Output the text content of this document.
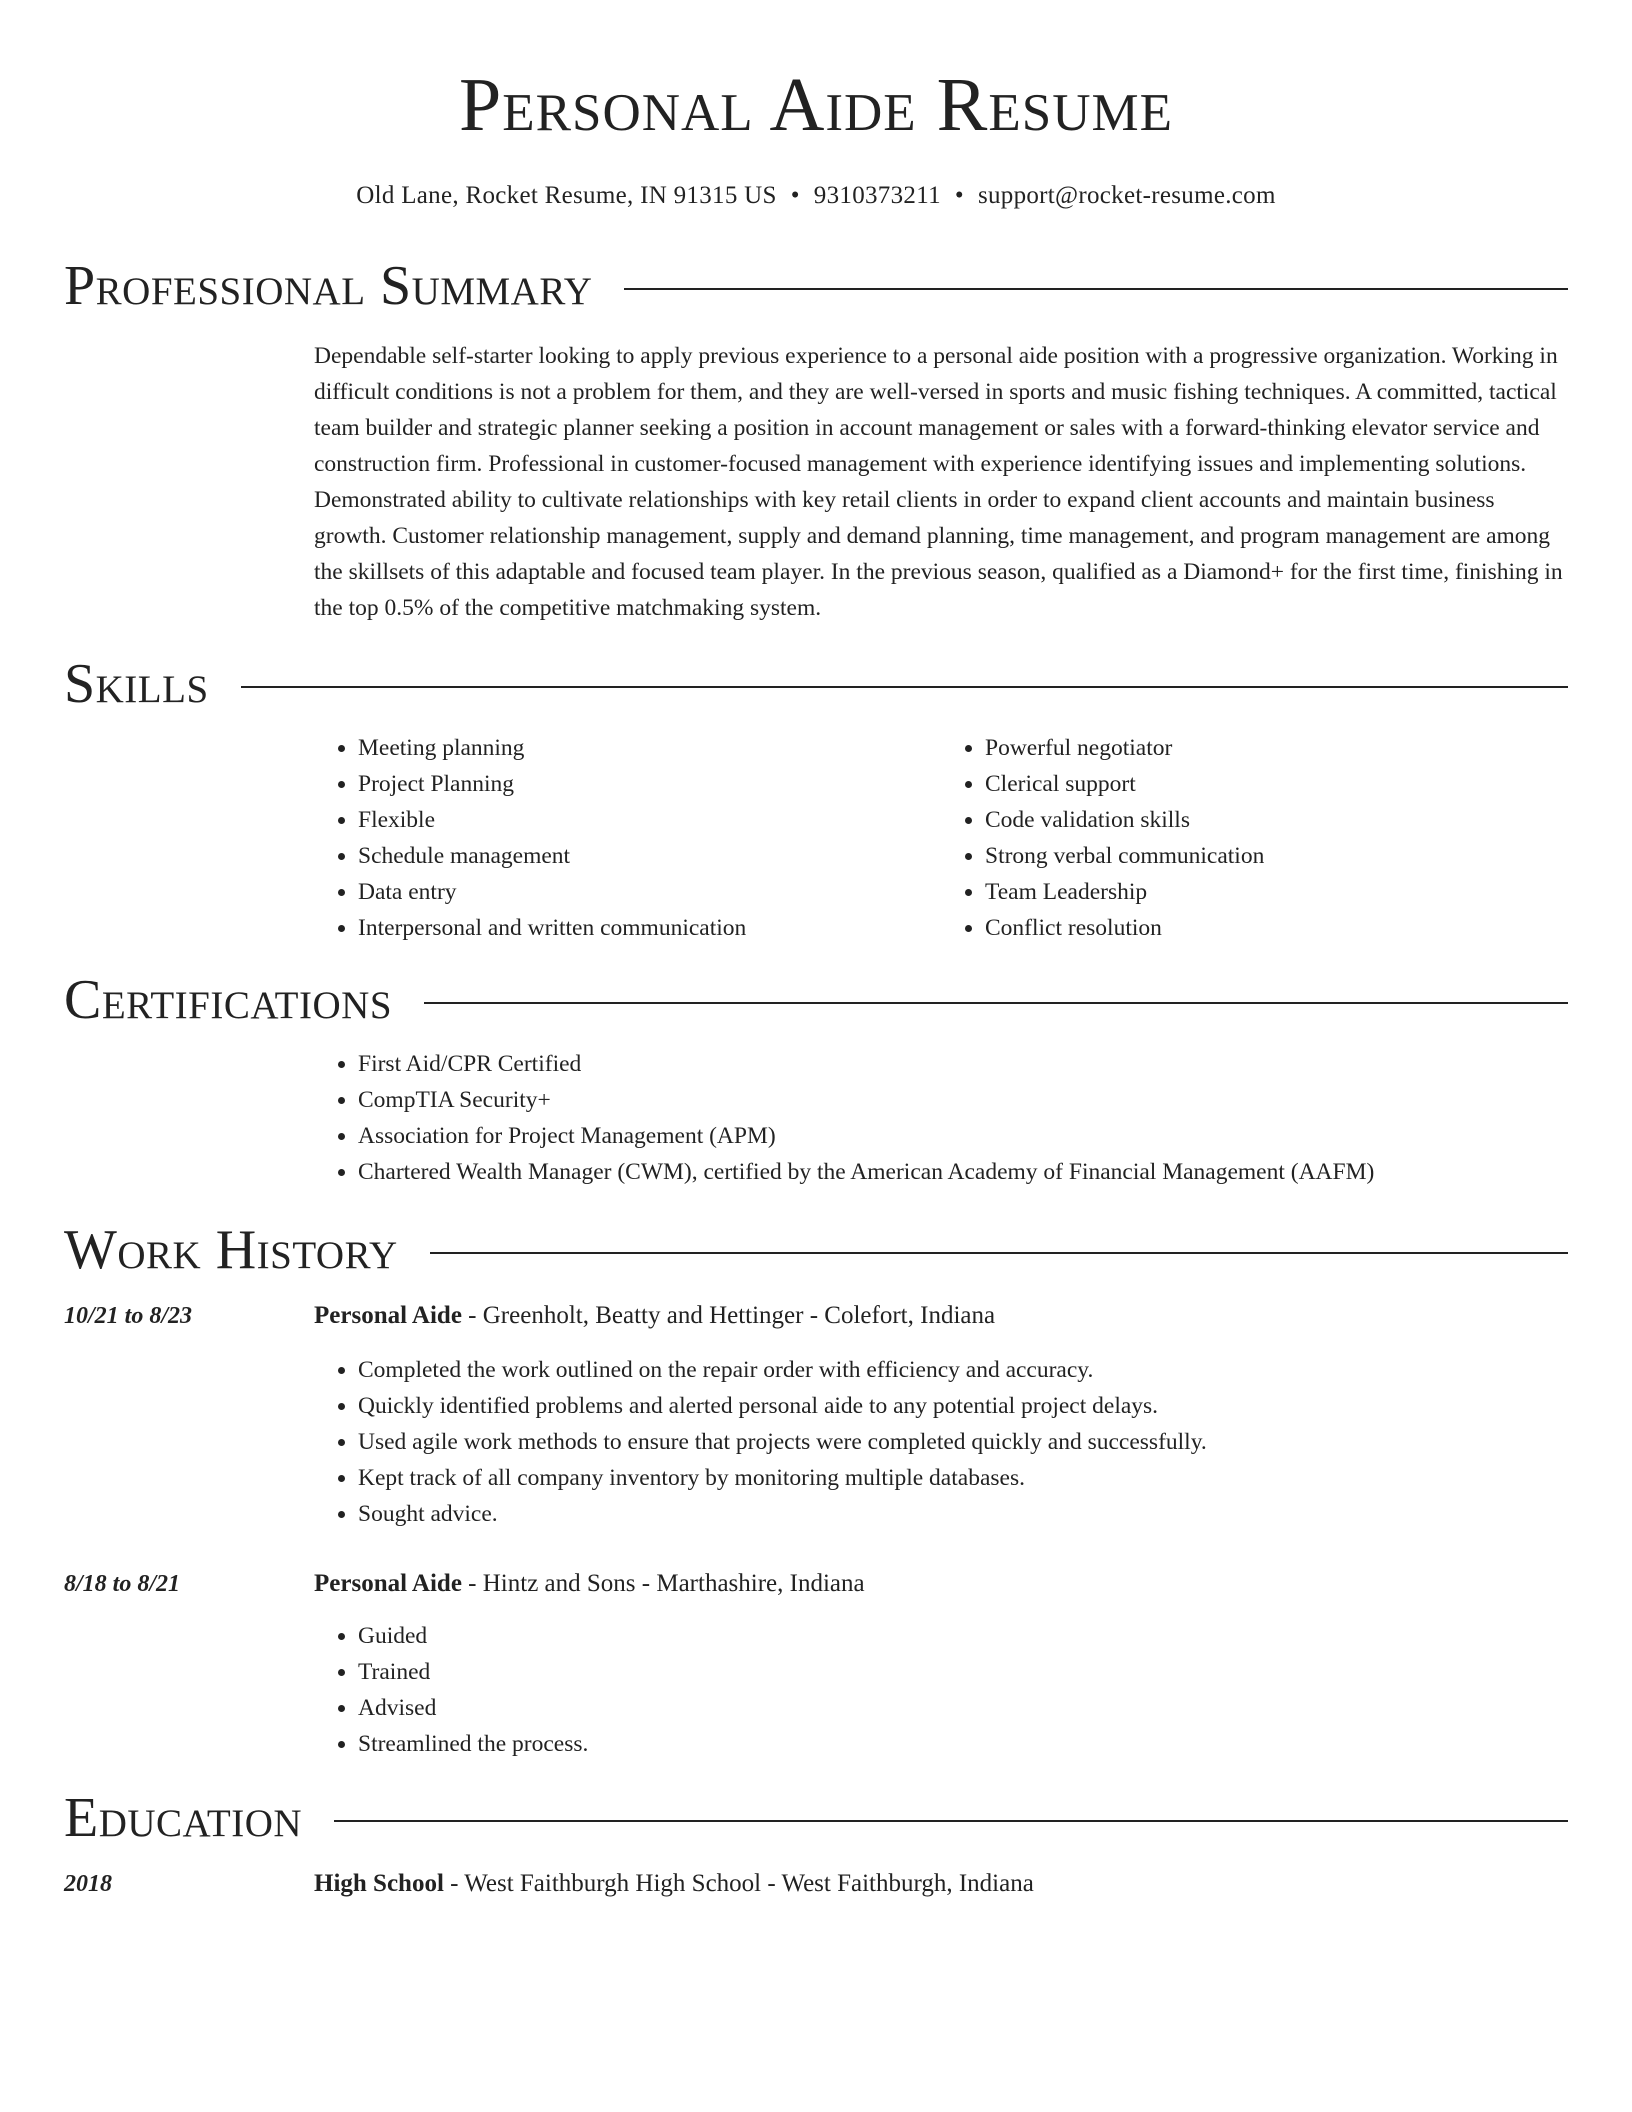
Personal Aide Resume
Old Lane, Rocket Resume, IN 91315 US • 9310373211 • support@rocket-resume.com
Professional Summary

Dependable self-starter looking to apply previous experience to a personal aide position with a progressive organization. Working in difficult conditions is not a problem for them, and they are well-versed in sports and music fishing techniques. A committed, tactical team builder and strategic planner seeking a position in account management or sales with a forward-thinking elevator service and construction firm. Professional in customer-focused management with experience identifying issues and implementing solutions. Demonstrated ability to cultivate relationships with key retail clients in order to expand client accounts and maintain business growth. Customer relationship management, supply and demand planning, time management, and program management are among the skillsets of this adaptable and focused team player. In the previous season, qualified as a Diamond+ for the first time, finishing in the top 0.5% of the competitive matchmaking system.

Skills
• Meeting planning
• Project Planning
• Flexible
• Schedule management
• Data entry
• Interpersonal and written communication
• Powerful negotiator
• Clerical support
• Code validation skills
• Strong verbal communication
• Team Leadership
• Conflict resolution
Certifications
• First Aid/CPR Certified
• CompTIA Security+
• Association for Project Management (APM)
• Chartered Wealth Manager (CWM), certified by the American Academy of Financial Management (AAFM)
Work History
10/21 to 8/23	Personal Aide - Greenholt, Beatty and Hettinger - Colefort, Indiana
• Completed the work outlined on the repair order with efficiency and accuracy.
• Quickly identified problems and alerted personal aide to any potential project delays.
• Used agile work methods to ensure that projects were completed quickly and successfully.
• Kept track of all company inventory by monitoring multiple databases.
• Sought advice.
8/18 to 8/21	Personal Aide - Hintz and Sons - Marthashire, Indiana
• Guided
• Trained
• Advised
• Streamlined the process.
Education
2018	High School - West Faithburgh High School - West Faithburgh, Indiana
